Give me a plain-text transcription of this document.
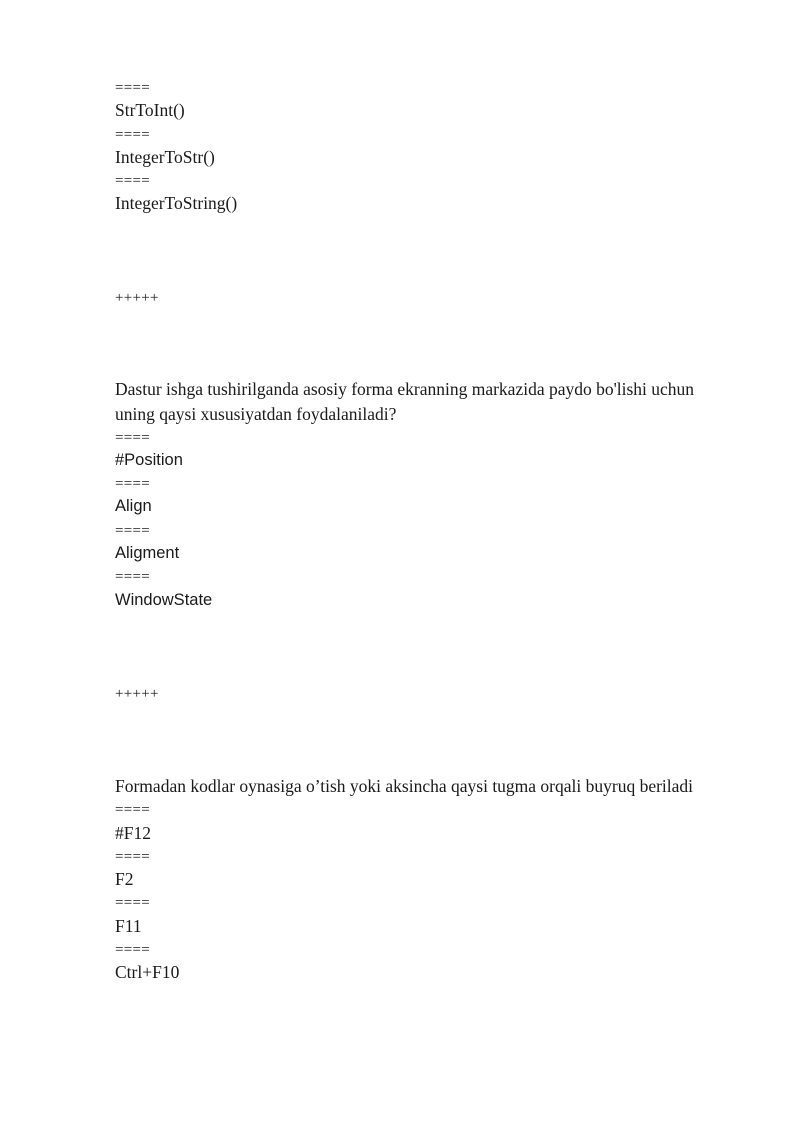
====
StrToInt()
====
IntegerToStr()
====
IntegerToString()
+++++
Dastur ishga tushirilganda asosiy forma ekranning markazida paydo bo'lishi uchun
uning qaysi xususiyatdan foydalaniladi?
====
#Position
====
Align
====
Aligment
====
WindowState
+++++
Formadan kodlar oynasiga o’tish yoki aksincha qaysi tugma orqali buyruq beriladi
====
#F12
====
F2
====
F11
====
Ctrl+F10
